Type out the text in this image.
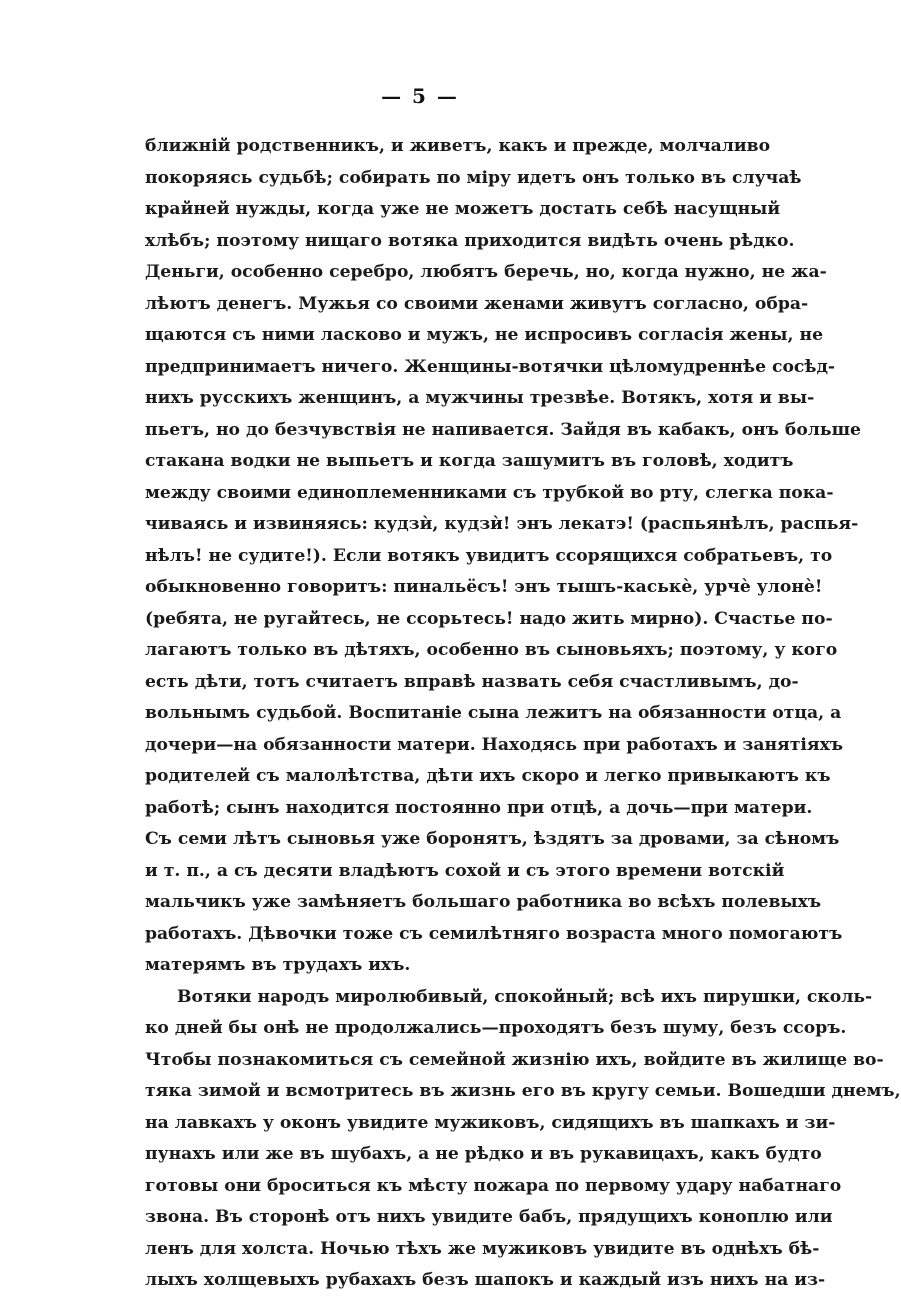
— 5 —
ближній родственникъ, и живетъ, какъ и прежде, молчаливо
покоряясь судьбѣ; собирать по міру идетъ онъ только въ случаѣ
крайней нужды, когда уже не можетъ достать себѣ насущный
хлѣбъ; поэтому нищаго вотяка приходится видѣть очень рѣдко.
Деньги, особенно серебро, любятъ беречь, но, когда нужно, не жа-
лѣютъ денегъ. Мужья со своими женами живутъ согласно, обра-
щаются съ ними ласково и мужъ, не испросивъ согласія жены, не
предпринимаетъ ничего. Женщины-вотячки цѣломудреннѣе сосѣд-
нихъ русскихъ женщинъ, а мужчины трезвѣе. Вотякъ, хотя и вы-
пьетъ, но до безчувствія не напивается. Зайдя въ кабакъ, онъ больше
стакана водки не выпьетъ и когда зашумитъ въ головѣ, ходитъ
между своими единоплеменниками съ трубкой во рту, слегка пока-
чиваясь и извиняясь: кудзѝ, кудзѝ! энъ лекатэ! (распьянѣлъ, распья-
нѣлъ! не судите!). Если вотякъ увидитъ ссорящихся собратьевъ, то
обыкновенно говоритъ: пинальёсъ! энъ тышъ-каськѐ, урчѐ улонѐ!
(ребята, не ругайтесь, не ссорьтесь! надо жить мирно). Счастье по-
лагаютъ только въ дѣтяхъ, особенно въ сыновьяхъ; поэтому, у кого
есть дѣти, тотъ считаетъ вправѣ назвать себя счастливымъ, до-
вольнымъ судьбой. Воспитаніе сына лежитъ на обязанности отца, а
дочери—на обязанности матери. Находясь при работахъ и занятіяхъ
родителей съ малолѣтства, дѣти ихъ скоро и легко привыкаютъ къ
работѣ; сынъ находится постоянно при отцѣ, а дочь—при матери.
Съ семи лѣтъ сыновья уже боронятъ, ѣздятъ за дровами, за сѣномъ
и т. п., а съ десяти владѣютъ сохой и съ этого времени вотскій
мальчикъ уже замѣняетъ большаго работника во всѣхъ полевыхъ
работахъ. Дѣвочки тоже съ семилѣтняго возраста много помогаютъ
матерямъ въ трудахъ ихъ.
Вотяки народъ миролюбивый, спокойный; всѣ ихъ пирушки, сколь-
ко дней бы онѣ не продолжались—проходятъ безъ шуму, безъ ссоръ.
Чтобы познакомиться съ семейной жизнію ихъ, войдите въ жилище во-
тяка зимой и всмотритесь въ жизнь его въ кругу семьи. Вошедши днемъ,
на лавкахъ у оконъ увидите мужиковъ, сидящихъ въ шапкахъ и зи-
пунахъ или же въ шубахъ, а не рѣдко и въ рукавицахъ, какъ будто
готовы они броситься къ мѣсту пожара по первому удару набатнаго
звона. Въ сторонѣ отъ нихъ увидите бабъ, прядущихъ коноплю или
ленъ для холста. Ночью тѣхъ же мужиковъ увидите въ однѣхъ бѣ-
лыхъ холщевыхъ рубахахъ безъ шапокъ и каждый изъ нихъ на из-
